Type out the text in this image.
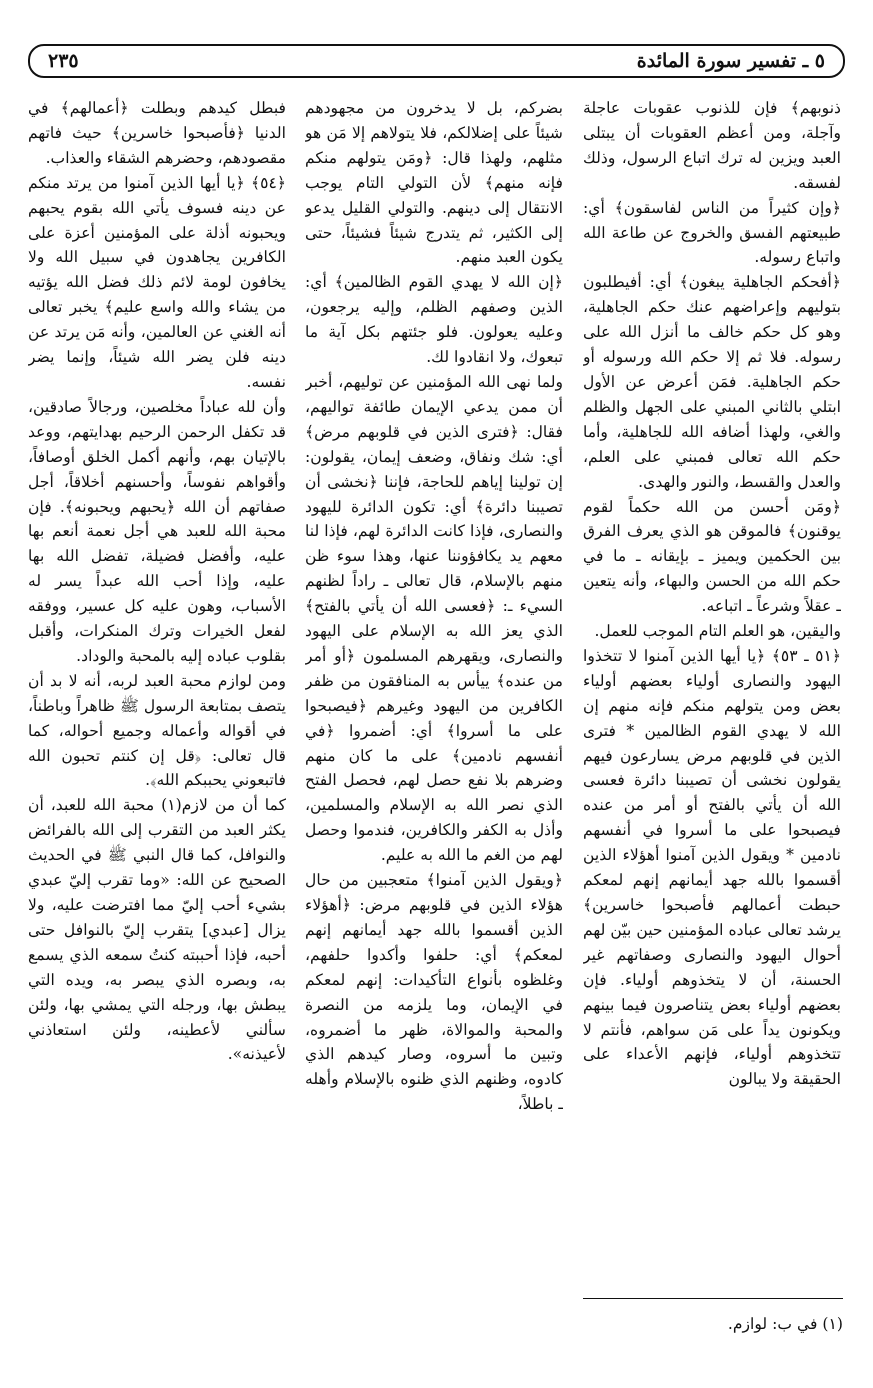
٥ ـ تفسير سورة المائدة
٢٣٥

ذنوبهم﴾ فإن للذنوب عقوبات عاجلة وآجلة، ومن أعظم العقوبات أن يبتلى العبد ويزين له ترك اتباع الرسول، وذلك لفسقه.

﴿وإن كثيراً من الناس لفاسقون﴾ أي: طبيعتهم الفسق والخروج عن طاعة الله واتباع رسوله.

﴿أفحكم الجاهلية يبغون﴾ أي: أفيطلبون بتوليهم وإعراضهم عنك حكم الجاهلية، وهو كل حكم خالف ما أنزل الله على رسوله. فلا ثم إلا حكم الله ورسوله أو حكم الجاهلية. فمَن أعرض عن الأول ابتلي بالثاني المبني على الجهل والظلم والغي، ولهذا أضافه الله للجاهلية، وأما حكم الله تعالى فمبني على العلم، والعدل والقسط، والنور والهدى.

﴿ومَن أحسن من الله حكماً لقوم يوقنون﴾ فالموقن هو الذي يعرف الفرق بين الحكمين ويميز ـ بإيقانه ـ ما في حكم الله من الحسن والبهاء، وأنه يتعين ـ عقلاً وشرعاً ـ اتباعه.

واليقين، هو العلم التام الموجب للعمل.

﴿٥١ ـ ٥٣﴾ ﴿يا أيها الذين آمنوا لا تتخذوا اليهود والنصارى أولياء بعضهم أولياء بعض ومن يتولهم منكم فإنه منهم إن الله لا يهدي القوم الظالمين * فترى الذين في قلوبهم مرض يسارعون فيهم يقولون نخشى أن تصيبنا دائرة فعسى الله أن يأتي بالفتح أو أمر من عنده فيصبحوا على ما أسروا في أنفسهم نادمين * ويقول الذين آمنوا أهؤلاء الذين أقسموا بالله جهد أيمانهم إنهم لمعكم حبطت أعمالهم فأصبحوا خاسرين﴾ يرشد تعالى عباده المؤمنين حين بيّن لهم أحوال اليهود والنصارى وصفاتهم غير الحسنة، أن لا يتخذوهم أولياء. فإن بعضهم أولياء بعض يتناصرون فيما بينهم ويكونون يداً على مَن سواهم، فأنتم لا تتخذوهم أولياء، فإنهم الأعداء على الحقيقة ولا يبالون

بضركم، بل لا يدخرون من مجهودهم شيئاً على إضلالكم، فلا يتولاهم إلا مَن هو مثلهم، ولهذا قال: ﴿ومَن يتولهم منكم فإنه منهم﴾ لأن التولي التام يوجب الانتقال إلى دينهم. والتولي القليل يدعو إلى الكثير، ثم يتدرج شيئاً فشيئاً، حتى يكون العبد منهم.

﴿إن الله لا يهدي القوم الظالمين﴾ أي: الذين وصفهم الظلم، وإليه يرجعون، وعليه يعولون. فلو جئتهم بكل آية ما تبعوك، ولا انقادوا لك.

ولما نهى الله المؤمنين عن توليهم، أخبر أن ممن يدعي الإيمان طائفة تواليهم، فقال: ﴿فترى الذين في قلوبهم مرض﴾ أي: شك ونفاق، وضعف إيمان، يقولون: إن تولينا إياهم للحاجة، فإننا ﴿نخشى أن تصيبنا دائرة﴾ أي: تكون الدائرة لليهود والنصارى، فإذا كانت الدائرة لهم، فإذا لنا معهم يد يكافؤوننا عنها، وهذا سوء ظن منهم بالإسلام، قال تعالى ـ راداً لظنهم السيء ـ: ﴿فعسى الله أن يأتي بالفتح﴾ الذي يعز الله به الإسلام على اليهود والنصارى، ويقهرهم المسلمون ﴿أو أمر من عنده﴾ ييأس به المنافقون من ظفر الكافرين من اليهود وغيرهم ﴿فيصبحوا على ما أسروا﴾ أي: أضمروا ﴿في أنفسهم نادمين﴾ على ما كان منهم وضرهم بلا نفع حصل لهم، فحصل الفتح الذي نصر الله به الإسلام والمسلمين، وأذل به الكفر والكافرين، فندموا وحصل لهم من الغم ما الله به عليم.

﴿ويقول الذين آمنوا﴾ متعجبين من حال هؤلاء الذين في قلوبهم مرض: ﴿أهؤلاء الذين أقسموا بالله جهد أيمانهم إنهم لمعكم﴾ أي: حلفوا وأكدوا حلفهم، وغلظوه بأنواع التأكيدات: إنهم لمعكم في الإيمان، وما يلزمه من النصرة والمحبة والموالاة، ظهر ما أضمروه، وتبين ما أسروه، وصار كيدهم الذي كادوه، وظنهم الذي ظنوه بالإسلام وأهله ـ باطلاً،

فبطل كيدهم وبطلت ﴿أعمالهم﴾ في الدنيا ﴿فأصبحوا خاسرين﴾ حيث فاتهم مقصودهم، وحضرهم الشقاء والعذاب.

﴿٥٤﴾ ﴿يا أيها الذين آمنوا من يرتد منكم عن دينه فسوف يأتي الله بقوم يحبهم ويحبونه أذلة على المؤمنين أعزة على الكافرين يجاهدون في سبيل الله ولا يخافون لومة لائم ذلك فضل الله يؤتيه من يشاء والله واسع عليم﴾ يخبر تعالى أنه الغني عن العالمين، وأنه مَن يرتد عن دينه فلن يضر الله شيئاً، وإنما يضر نفسه.

وأن لله عباداً مخلصين، ورجالاً صادقين، قد تكفل الرحمن الرحيم بهدايتهم، ووعد بالإتيان بهم، وأنهم أكمل الخلق أوصافاً، وأقواهم نفوساً، وأحسنهم أخلاقاً، أجل صفاتهم أن الله ﴿يحبهم ويحبونه﴾. فإن محبة الله للعبد هي أجل نعمة أنعم بها عليه، وأفضل فضيلة، تفضل الله بها عليه، وإذا أحب الله عبداً يسر له الأسباب، وهون عليه كل عسير، ووفقه لفعل الخيرات وترك المنكرات، وأقبل بقلوب عباده إليه بالمحبة والوداد.

ومن لوازم محبة العبد لربه، أنه لا بد أن يتصف بمتابعة الرسول ﷺ ظاهراً وباطناً، في أقواله وأعماله وجميع أحواله، كما قال تعالى: ﴿قل إن كنتم تحبون الله فاتبعوني يحببكم الله﴾.

كما أن من لازم(١) محبة الله للعبد، أن يكثر العبد من التقرب إلى الله بالفرائض والنوافل، كما قال النبي ﷺ في الحديث الصحيح عن الله: «وما تقرب إليّ عبدي بشيء أحب إليّ مما افترضت عليه، ولا يزال [عبدي] يتقرب إليّ بالنوافل حتى أحبه، فإذا أحببته كنتُ سمعه الذي يسمع به، وبصره الذي يبصر به، ويده التي يبطش بها، ورجله التي يمشي بها، ولئن سألني لأعطينه، ولئن استعاذني لأعيذنه».

(١) في ب: لوازم.
